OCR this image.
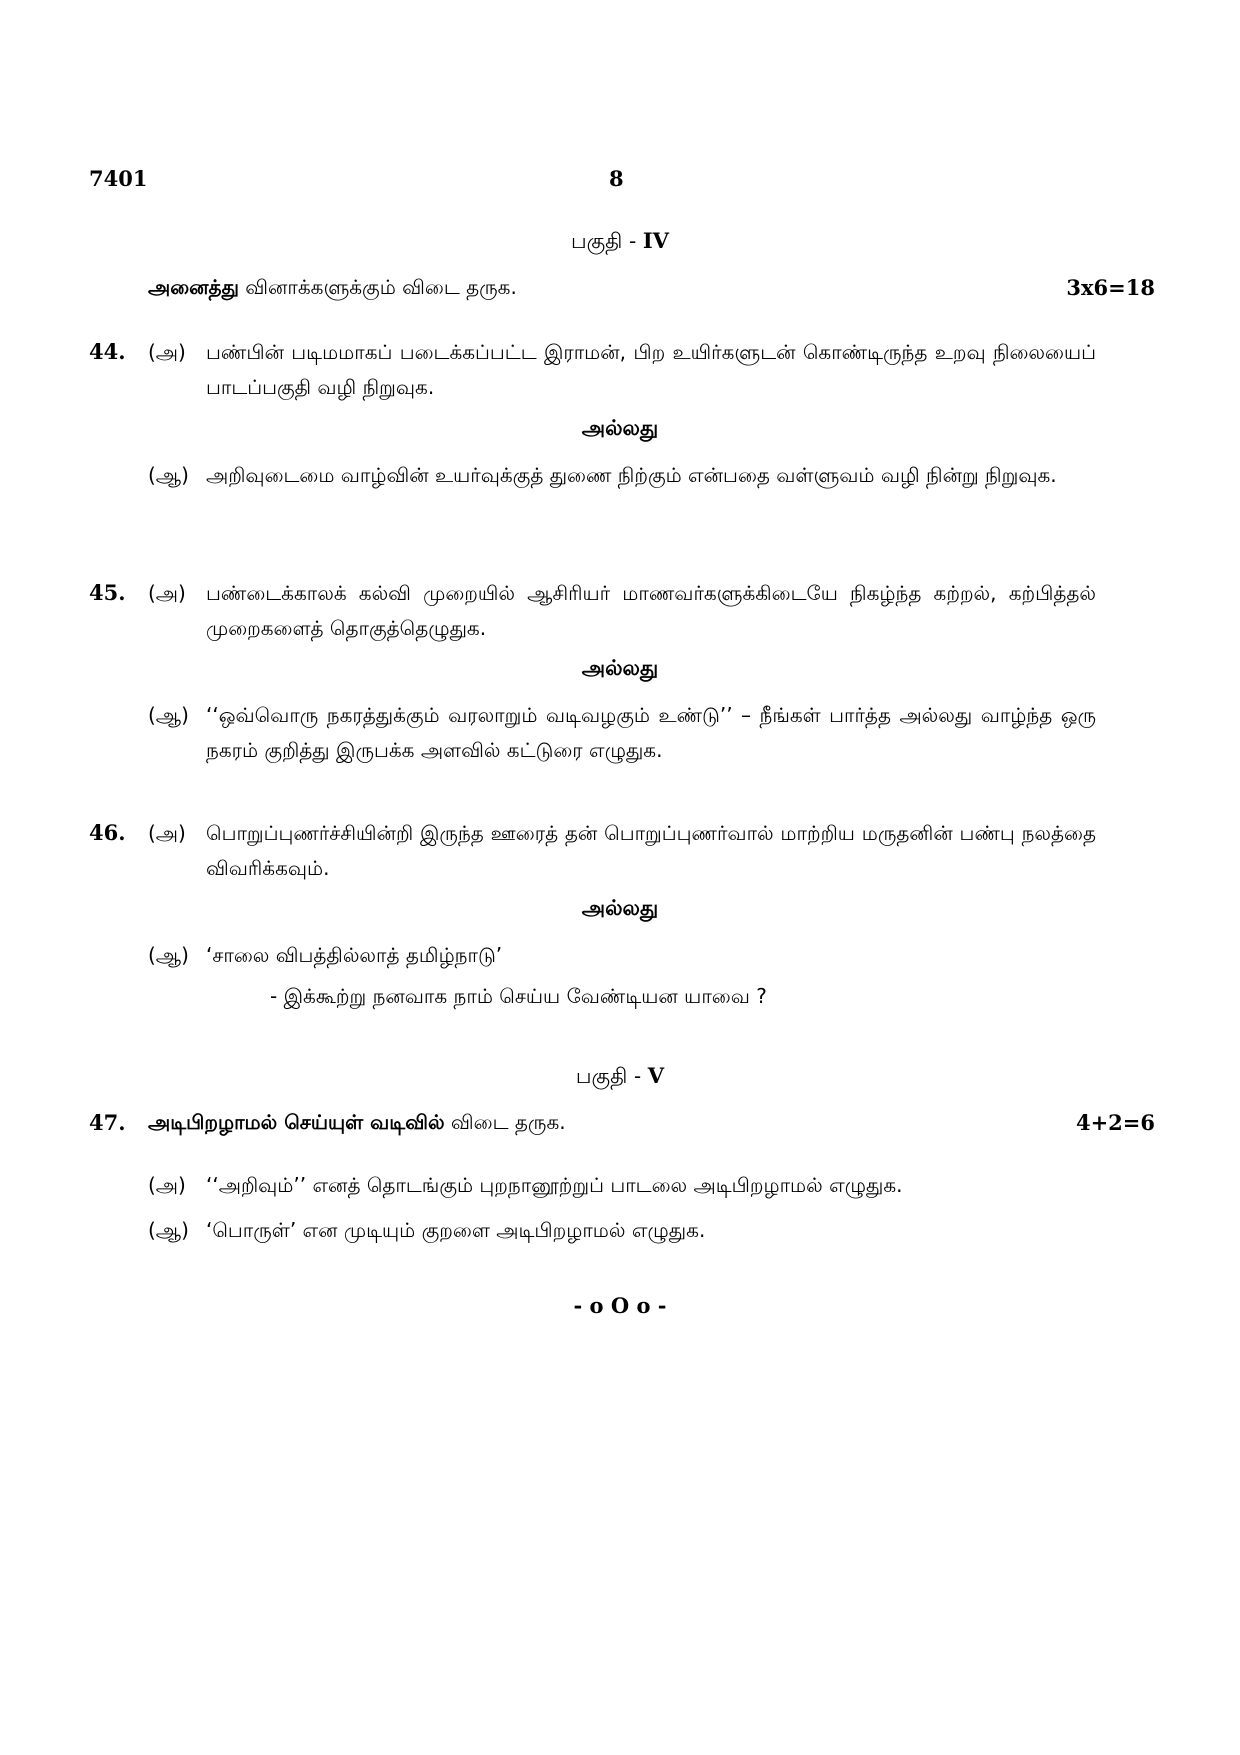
7401	8
பகுதி - IV
அனைத்து வினாக்களுக்கும் விடை தருக.	3x6=18
44. (அ) பண்பின் படிமமாகப் படைக்கப்பட்ட இராமன், பிற உயிர்களுடன் கொண்டிருந்த உறவு நிலையைப் பாடப்பகுதி வழி நிறுவுக.
அல்லது
(ஆ) அறிவுடைமை வாழ்வின் உயர்வுக்குத் துணை நிற்கும் என்பதை வள்ளுவம் வழி நின்று நிறுவுக.
45. (அ) பண்டைக்காலக் கல்வி முறையில் ஆசிரியர் மாணவர்களுக்கிடையே நிகழ்ந்த கற்றல், கற்பித்தல் முறைகளைத் தொகுத்தெழுதுக.
அல்லது
(ஆ) ‘‘ஒவ்வொரு நகரத்துக்கும் வரலாறும் வடிவழகும் உண்டு’’ – நீங்கள் பார்த்த அல்லது வாழ்ந்த ஒரு நகரம் குறித்து இருபக்க அளவில் கட்டுரை எழுதுக.
46. (அ) பொறுப்புணர்ச்சியின்றி இருந்த ஊரைத் தன் பொறுப்புணர்வால் மாற்றிய மருதனின் பண்பு நலத்தை விவரிக்கவும்.
அல்லது
(ஆ) ‘சாலை விபத்தில்லாத் தமிழ்நாடு’
- இக்கூற்று நனவாக நாம் செய்ய வேண்டியன யாவை ?
பகுதி - V
47. அடிபிறழாமல் செய்யுள் வடிவில் விடை தருக.	4+2=6
(அ) ‘‘அறிவும்’’ எனத் தொடங்கும் புறநானூற்றுப் பாடலை அடிபிறழாமல் எழுதுக.
(ஆ) ‘பொருள்’ என முடியும் குறளை அடிபிறழாமல் எழுதுக.
- o O o -
